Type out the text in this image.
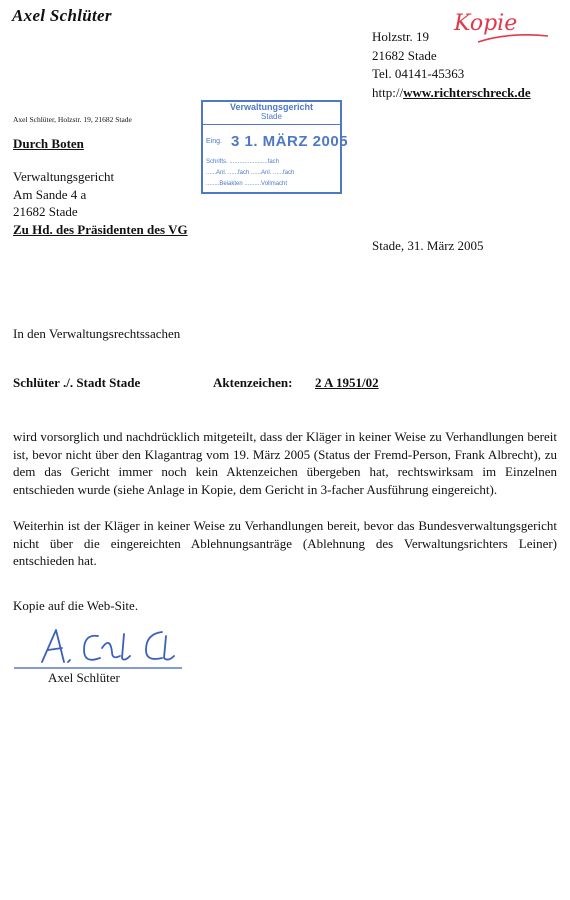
Axel Schlüter	Kopie
Holzstr. 19
21682 Stade
Tel. 04141-45363
http://www.richterschreck.de
Axel Schlüter, Holzstr. 19, 21682 Stade
Verwaltungsgericht
Stade
Eing. 3 1. MÄRZ 2005
Schrifts. .......................fach
......Anl. ......fach ......Anl. ......fach
........Beiakten ..........Vollmacht
Durch Boten
Verwaltungsgericht
Am Sande 4 a
21682 Stade
Zu Hd. des Präsidenten des VG
Stade, 31. März 2005
In den Verwaltungsrechtssachen
Schlüter ./. Stadt Stade	Aktenzeichen: 2 A 1951/02
wird vorsorglich und nachdrücklich mitgeteilt, dass der Kläger in keiner Weise zu Verhandlungen bereit ist, bevor nicht über den Klagantrag vom 19. März 2005 (Status der Fremd-Person, Frank Albrecht), zu dem das Gericht immer noch kein Aktenzeichen übergeben hat, rechtswirksam im Einzelnen entschieden wurde (siehe Anlage in Kopie, dem Gericht in 3-facher Ausführung eingereicht).
Weiterhin ist der Kläger in keiner Weise zu Verhandlungen bereit, bevor das Bundesverwaltungsgericht nicht über die eingereichten Ablehnungsanträge (Ablehnung des Verwaltungsrichters Leiner) entschieden hat.
Kopie auf die Web-Site.
Axel Schlüter
